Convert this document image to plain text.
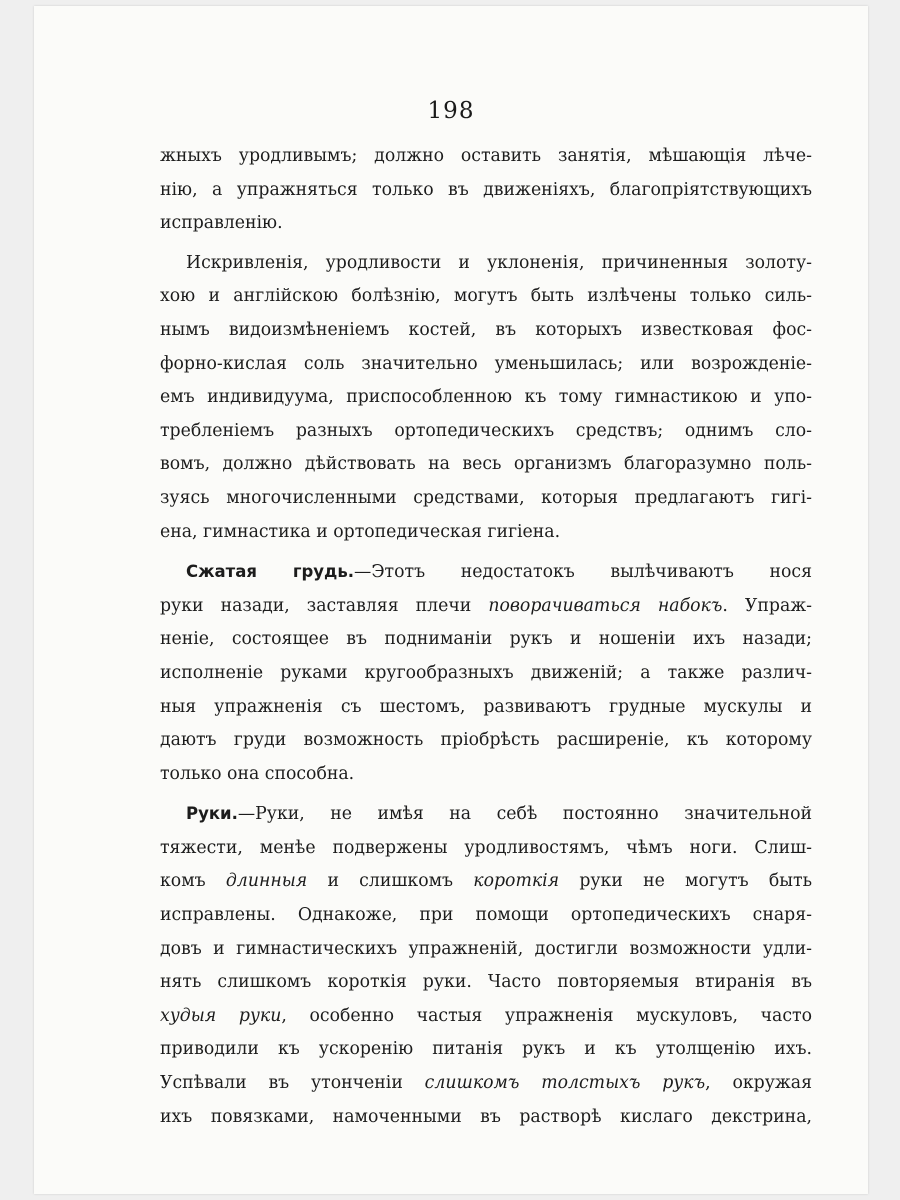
198
жныхъ уродливымъ; должно оставить занятія, мѣшающія лѣче-
нію, а упражняться только въ движеніяхъ, благопріятствующихъ
исправленію.
Искривленія, уродливости и уклоненія, причиненныя золоту-
хою и англійскою болѣзнію, могутъ быть излѣчены только силь-
нымъ видоизмѣненіемъ костей, въ которыхъ известковая фос-
форно-кислая соль значительно уменьшилась; или возрожденіе-
емъ индивидуума, приспособленною къ тому гимнастикою и упо-
требленіемъ разныхъ ортопедическихъ средствъ; однимъ сло-
вомъ, должно дѣйствовать на весь организмъ благоразумно поль-
зуясь многочисленными средствами, которыя предлагаютъ гигі-
ена, гимнастика и ортопедическая гигіена.
Сжатая грудь.—Этотъ недостатокъ вылѣчиваютъ нося
руки назади, заставляя плечи поворачиваться набокъ. Упраж-
неніе, состоящее въ подниманіи рукъ и ношеніи ихъ назади;
исполненіе руками кругообразныхъ движеній; а также различ-
ныя упражненія съ шестомъ, развиваютъ грудные мускулы и
даютъ груди возможность пріобрѣсть расширеніе, къ которому
только она способна.
Руки.—Руки, не имѣя на себѣ постоянно значительной
тяжести, менѣе подвержены уродливостямъ, чѣмъ ноги. Слиш-
комъ длинныя и слишкомъ короткія руки не могутъ быть
исправлены. Однакоже, при помощи ортопедическихъ снаря-
довъ и гимнастическихъ упражненій, достигли возможности удли-
нять слишкомъ короткія руки. Часто повторяемыя втиранія въ
худыя руки, особенно частыя упражненія мускуловъ, часто
приводили къ ускоренію питанія рукъ и къ утолщенію ихъ.
Успѣвали въ утонченіи слишкомъ толстыхъ рукъ, окружая
ихъ повязками, намоченными въ растворѣ кислаго декстрина,
